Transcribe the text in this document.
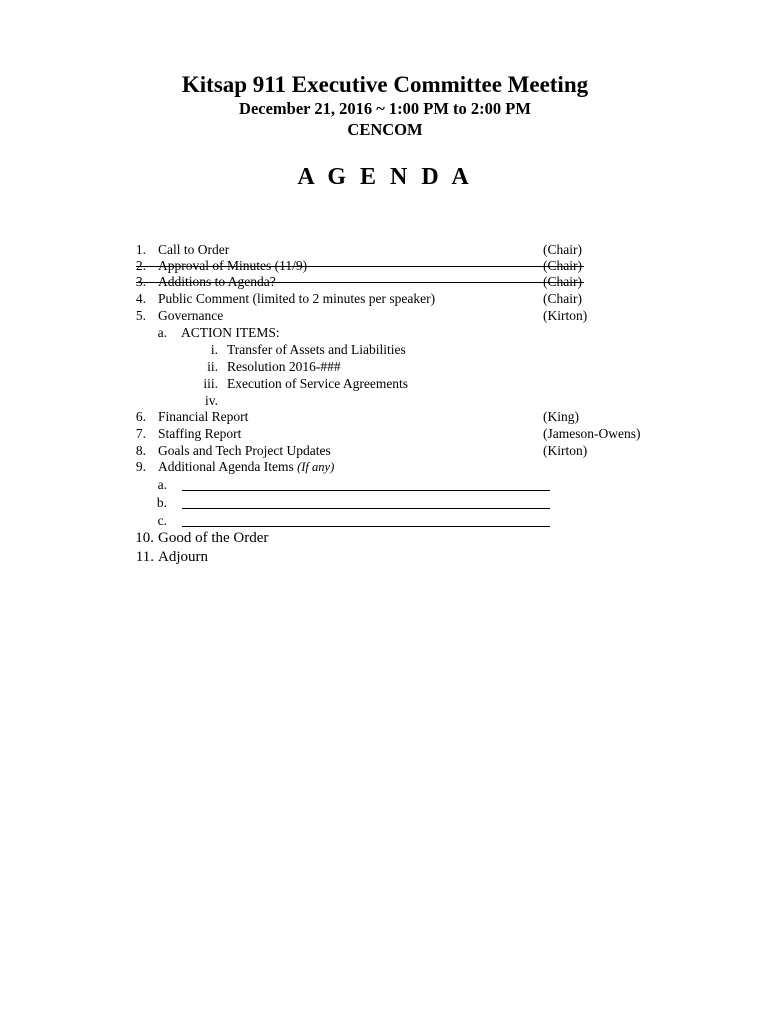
Kitsap 911 Executive Committee Meeting
December 21, 2016 ~ 1:00 PM to 2:00 PM
CENCOM
A G E N D A
1. Call to Order	(Chair)
2. Approval of Minutes (11/9)	(Chair)
3. Additions to Agenda?	(Chair)
4. Public Comment (limited to 2 minutes per speaker)	(Chair)
5. Governance	(Kirton)
a. ACTION ITEMS:
i. Transfer of Assets and Liabilities
ii. Resolution 2016-###
iii. Execution of Service Agreements
iv.
6. Financial Report	(King)
7. Staffing Report	(Jameson-Owens)
8. Goals and Tech Project Updates	(Kirton)
9. Additional Agenda Items (If any)
a.
b.
c.
10. Good of the Order
11. Adjourn
